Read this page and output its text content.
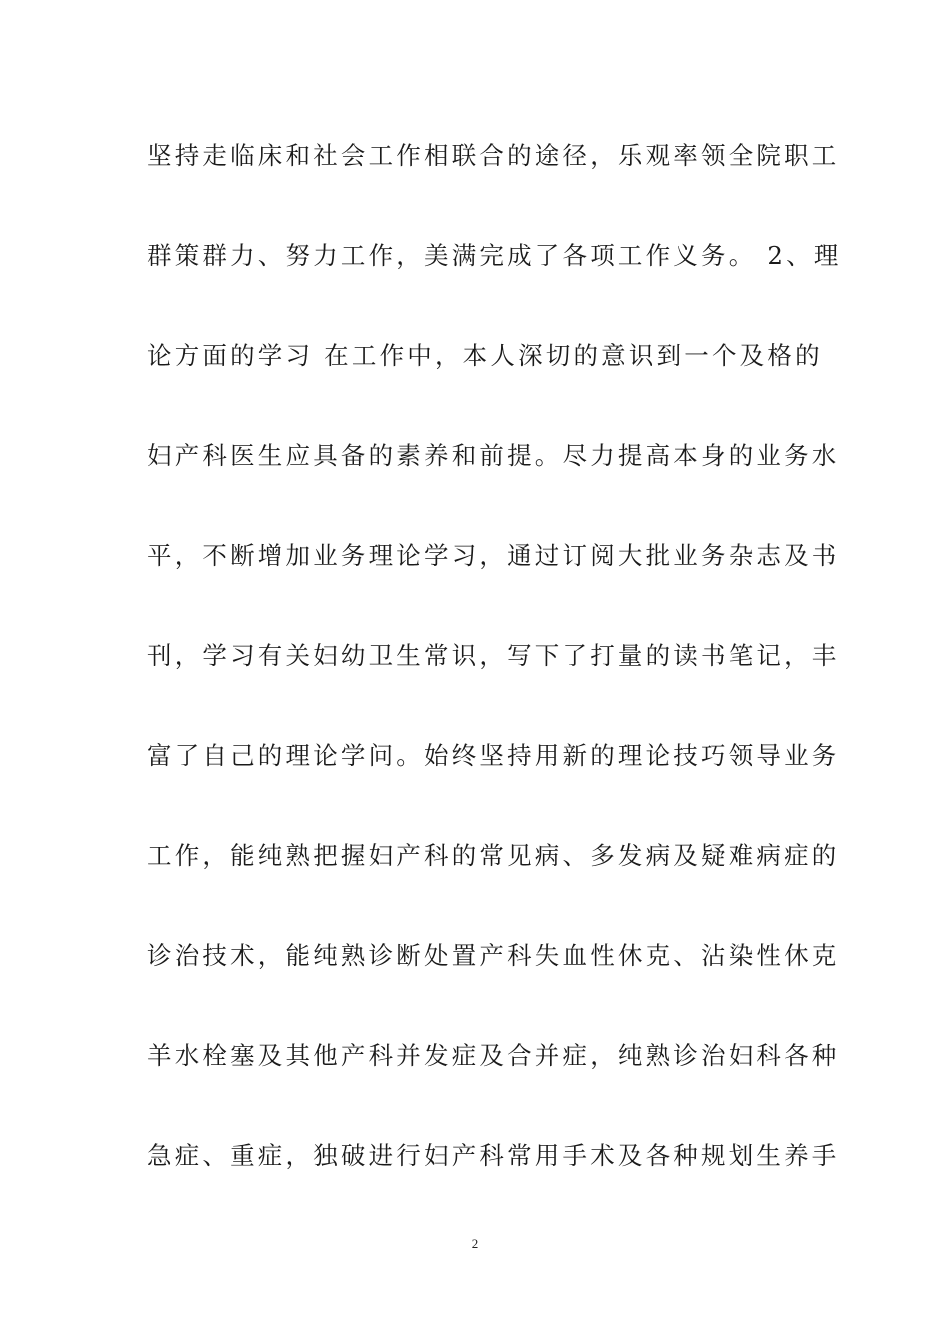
坚持走临床和社会工作相联合的途径，乐观率领全院职工
群策群力、努力工作，美满完成了各项工作义务。 2、理
论方面的学习 在工作中，本人深切的意识到一个及格的
妇产科医生应具备的素养和前提。尽力提高本身的业务水
平，不断增加业务理论学习，通过订阅大批业务杂志及书
刊，学习有关妇幼卫生常识，写下了打量的读书笔记，丰
富了自己的理论学问。始终坚持用新的理论技巧领导业务
工作，能纯熟把握妇产科的常见病、多发病及疑难病症的
诊治技术，能纯熟诊断处置产科失血性休克、沾染性休克
羊水栓塞及其他产科并发症及合并症，纯熟诊治妇科各种
急症、重症，独破进行妇产科常用手术及各种规划生养手
2
